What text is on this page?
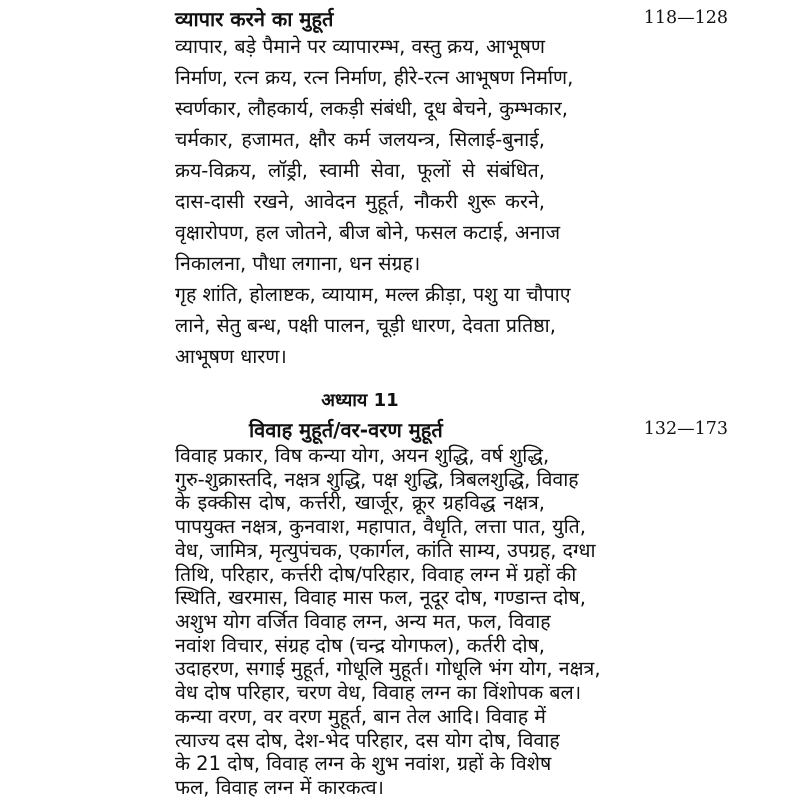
व्यापार करने का मुहूर्त	118—128
व्यापार, बड़े पैमाने पर व्यापारम्भ, वस्तु क्रय, आभूषण
निर्माण, रत्न क्रय, रत्न निर्माण, हीरे-रत्न आभूषण निर्माण,
स्वर्णकार, लौहकार्य, लकड़ी संबंधी, दूध बेचने, कुम्भकार,
चर्मकार, हजामत, क्षौर कर्म जलयन्त्र, सिलाई-बुनाई,
क्रय-विक्रय, लॉड्री, स्वामी सेवा, फूलों से संबंधित,
दास-दासी रखने, आवेदन मुहूर्त, नौकरी शुरू करने,
वृक्षारोपण, हल जोतने, बीज बोने, फसल कटाई, अनाज
निकालना, पौधा लगाना, धन संग्रह।
गृह शांति, होलाष्टक, व्यायाम, मल्ल क्रीड़ा, पशु या चौपाए
लाने, सेतु बन्ध, पक्षी पालन, चूड़ी धारण, देवता प्रतिष्ठा,
आभूषण धारण।
अध्याय 11
विवाह मुहूर्त/वर-वरण मुहूर्त	132—173
विवाह प्रकार, विष कन्या योग, अयन शुद्धि, वर्ष शुद्धि,
गुरु-शुक्रास्तदि, नक्षत्र शुद्धि, पक्ष शुद्धि, त्रिबलशुद्धि, विवाह
के इक्कीस दोष, कर्त्तरी, खार्जूर, क्रूर ग्रहविद्ध नक्षत्र,
पापयुक्त नक्षत्र, कुनवाश, महापात, वैधृति, लत्ता पात, युति,
वेध, जामित्र, मृत्युपंचक, एकार्गल, कांति साम्य, उपग्रह, दग्धा
तिथि, परिहार, कर्त्तरी दोष/परिहार, विवाह लग्न में ग्रहों की
स्थिति, खरमास, विवाह मास फल, नूदूर दोष, गण्डान्त दोष,
अशुभ योग वर्जित विवाह लग्न, अन्य मत, फल, विवाह
नवांश विचार, संग्रह दोष (चन्द्र योगफल), कर्तरी दोष,
उदाहरण, सगाई मुहूर्त, गोधूलि मुहूर्त। गोधूलि भंग योग, नक्षत्र,
वेध दोष परिहार, चरण वेध, विवाह लग्न का विंशोपक बल।
कन्या वरण, वर वरण मुहूर्त, बान तेल आदि। विवाह में
त्याज्य दस दोष, देश-भेद परिहार, दस योग दोष, विवाह
के 21 दोष, विवाह लग्न के शुभ नवांश, ग्रहों के विशेष
फल, विवाह लग्न में कारकत्व।
